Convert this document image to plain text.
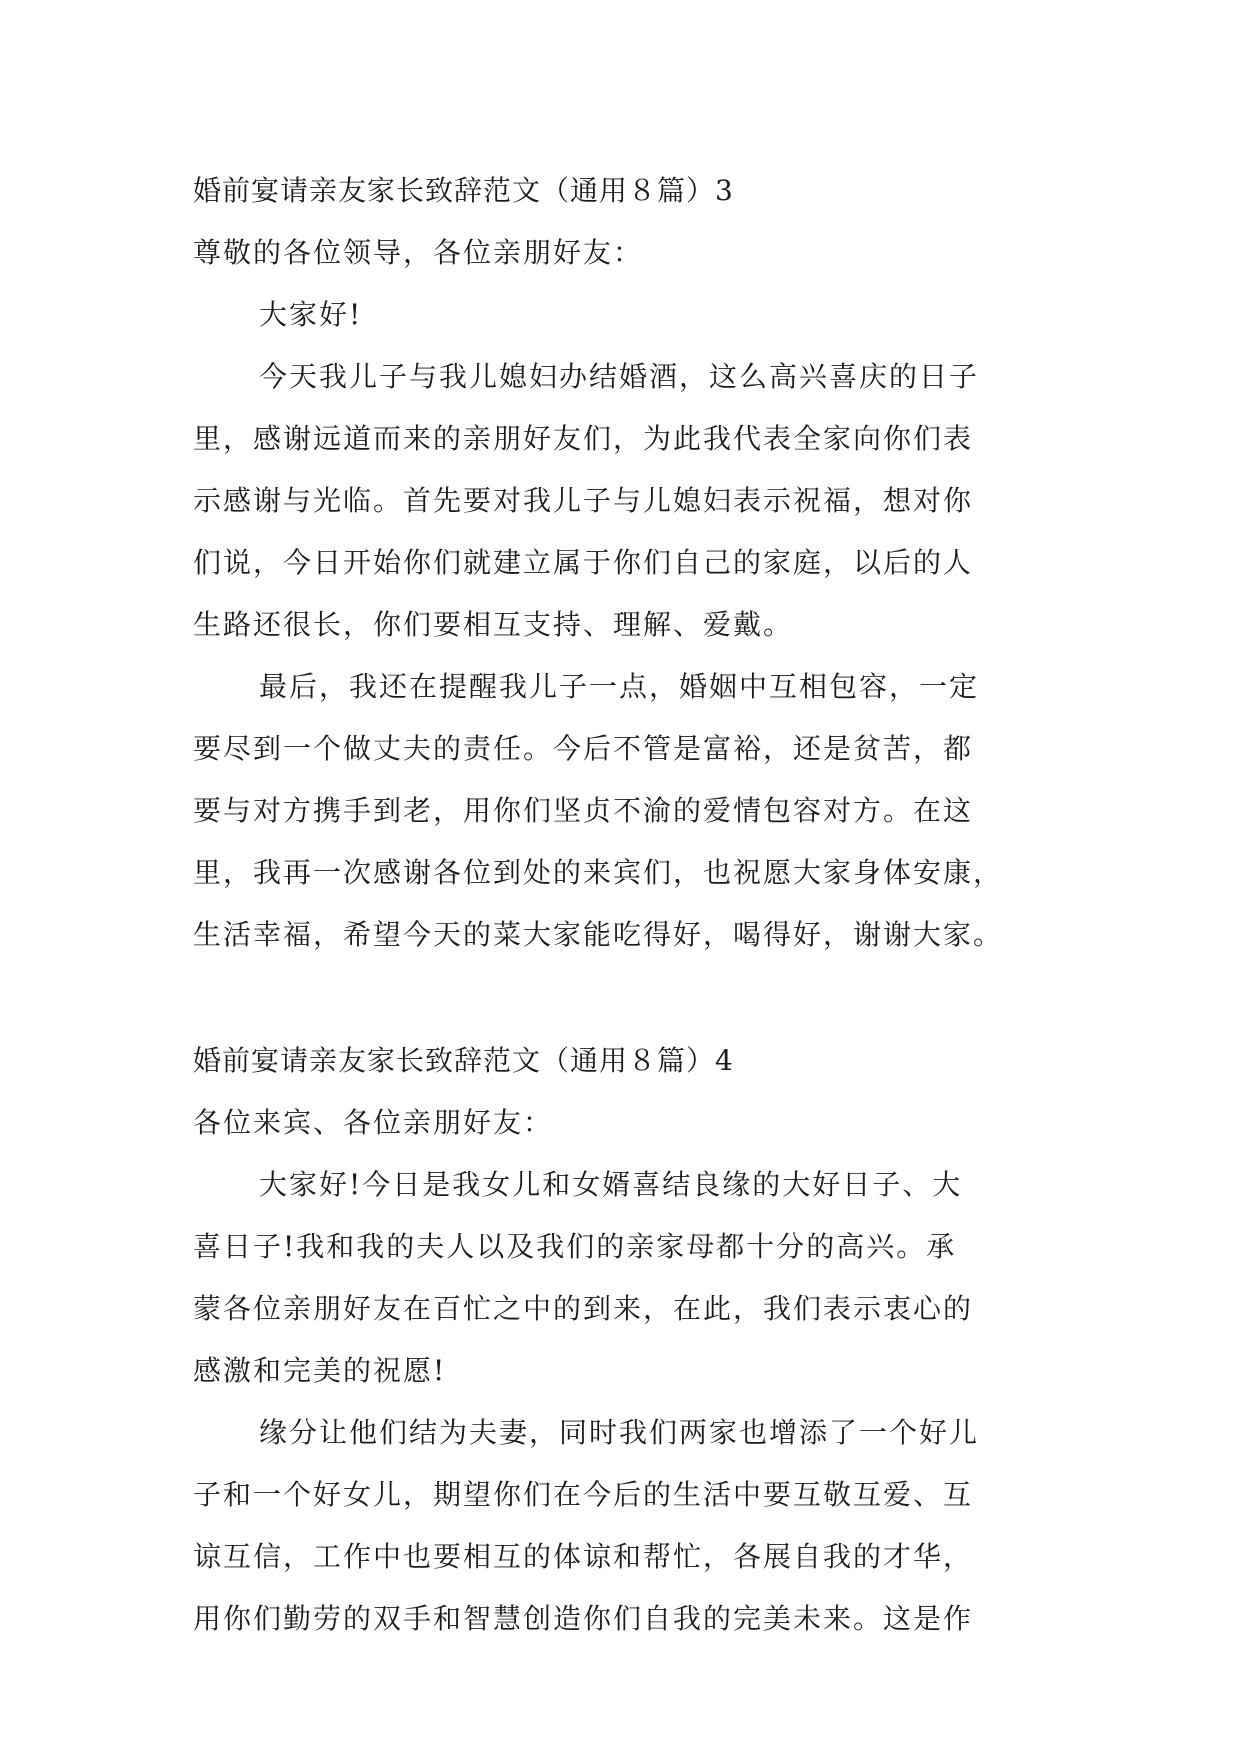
婚前宴请亲友家长致辞范文（通用８篇）3

尊敬的各位领导，各位亲朋好友：

大家好!

今天我儿子与我儿媳妇办结婚酒，这么高兴喜庆的日子

里，感谢远道而来的亲朋好友们，为此我代表全家向你们表

示感谢与光临。首先要对我儿子与儿媳妇表示祝福，想对你

们说，今日开始你们就建立属于你们自己的家庭，以后的人

生路还很长，你们要相互支持、理解、爱戴。

最后，我还在提醒我儿子一点，婚姻中互相包容，一定

要尽到一个做丈夫的责任。今后不管是富裕，还是贫苦，都

要与对方携手到老，用你们坚贞不渝的爱情包容对方。在这

里，我再一次感谢各位到处的来宾们，也祝愿大家身体安康，

生活幸福，希望今天的菜大家能吃得好，喝得好，谢谢大家。

婚前宴请亲友家长致辞范文（通用８篇）4

各位来宾、各位亲朋好友：

大家好!今日是我女儿和女婿喜结良缘的大好日子、大

喜日子!我和我的夫人以及我们的亲家母都十分的高兴。承

蒙各位亲朋好友在百忙之中的到来，在此，我们表示衷心的

感激和完美的祝愿!

缘分让他们结为夫妻，同时我们两家也增添了一个好儿

子和一个好女儿，期望你们在今后的生活中要互敬互爱、互

谅互信，工作中也要相互的体谅和帮忙，各展自我的才华，

用你们勤劳的双手和智慧创造你们自我的完美未来。这是作
